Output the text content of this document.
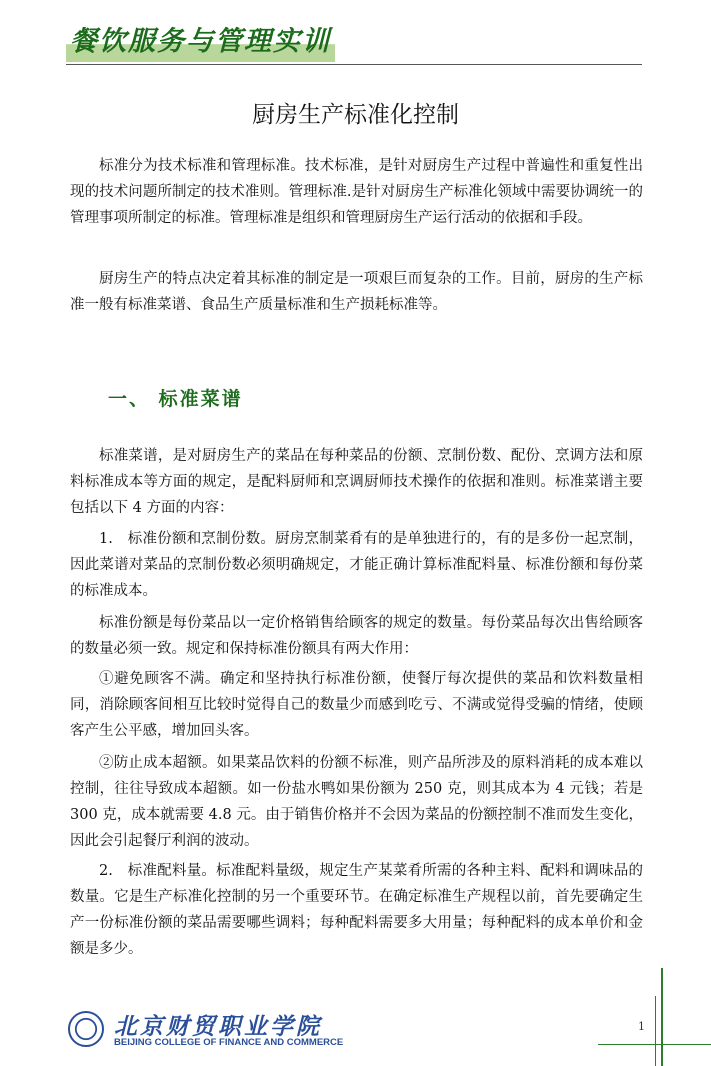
餐饮服务与管理实训
厨房生产标准化控制

标准分为技术标准和管理标准。技术标准，是针对厨房生产过程中普遍性和重复性出现的技术问题所制定的技术准则。管理标准.是针对厨房生产标准化领域中需要协调统一的管理事项所制定的标准。管理标准是组织和管理厨房生产运行活动的依据和手段。

厨房生产的特点决定着其标准的制定是一项艰巨而复杂的工作。目前，厨房的生产标准一般有标准菜谱、食品生产质量标准和生产损耗标准等。

一、 标准菜谱

标准菜谱，是对厨房生产的菜品在每种菜品的份额、烹制份数、配份、烹调方法和原料标准成本等方面的规定，是配料厨师和烹调厨师技术操作的依据和准则。标准菜谱主要包括以下 4 方面的内容：

1.　标准份额和烹制份数。厨房烹制菜肴有的是单独进行的，有的是多份一起烹制，因此菜谱对菜品的烹制份数必须明确规定，才能正确计算标准配料量、标准份额和每份菜的标准成本。

标准份额是每份菜品以一定价格销售给顾客的规定的数量。每份菜品每次出售给顾客的数量必须一致。规定和保持标准份额具有两大作用：

①避免顾客不满。确定和坚持执行标准份额，使餐厅每次提供的菜品和饮料数量相同，消除顾客间相互比较时觉得自己的数量少而感到吃亏、不满或觉得受骗的情绪，使顾客产生公平感，增加回头客。

②防止成本超额。如果菜品饮料的份额不标准，则产品所涉及的原料消耗的成本难以控制，往往导致成本超额。如一份盐水鸭如果份额为 250 克，则其成本为 4 元钱；若是 300 克，成本就需要 4.8 元。由于销售价格并不会因为菜品的份额控制不准而发生变化，因此会引起餐厅利润的波动。

2.　标准配料量。标准配料量级，规定生产某菜肴所需的各种主料、配料和调味品的数量。它是生产标准化控制的另一个重要环节。在确定标准生产规程以前，首先要确定生产一份标准份额的菜品需要哪些调料；每种配料需要多大用量；每种配料的成本单价和金额是多少。

北京财贸职业学院
BEIJING COLLEGE OF FINANCE AND COMMERCE
1
